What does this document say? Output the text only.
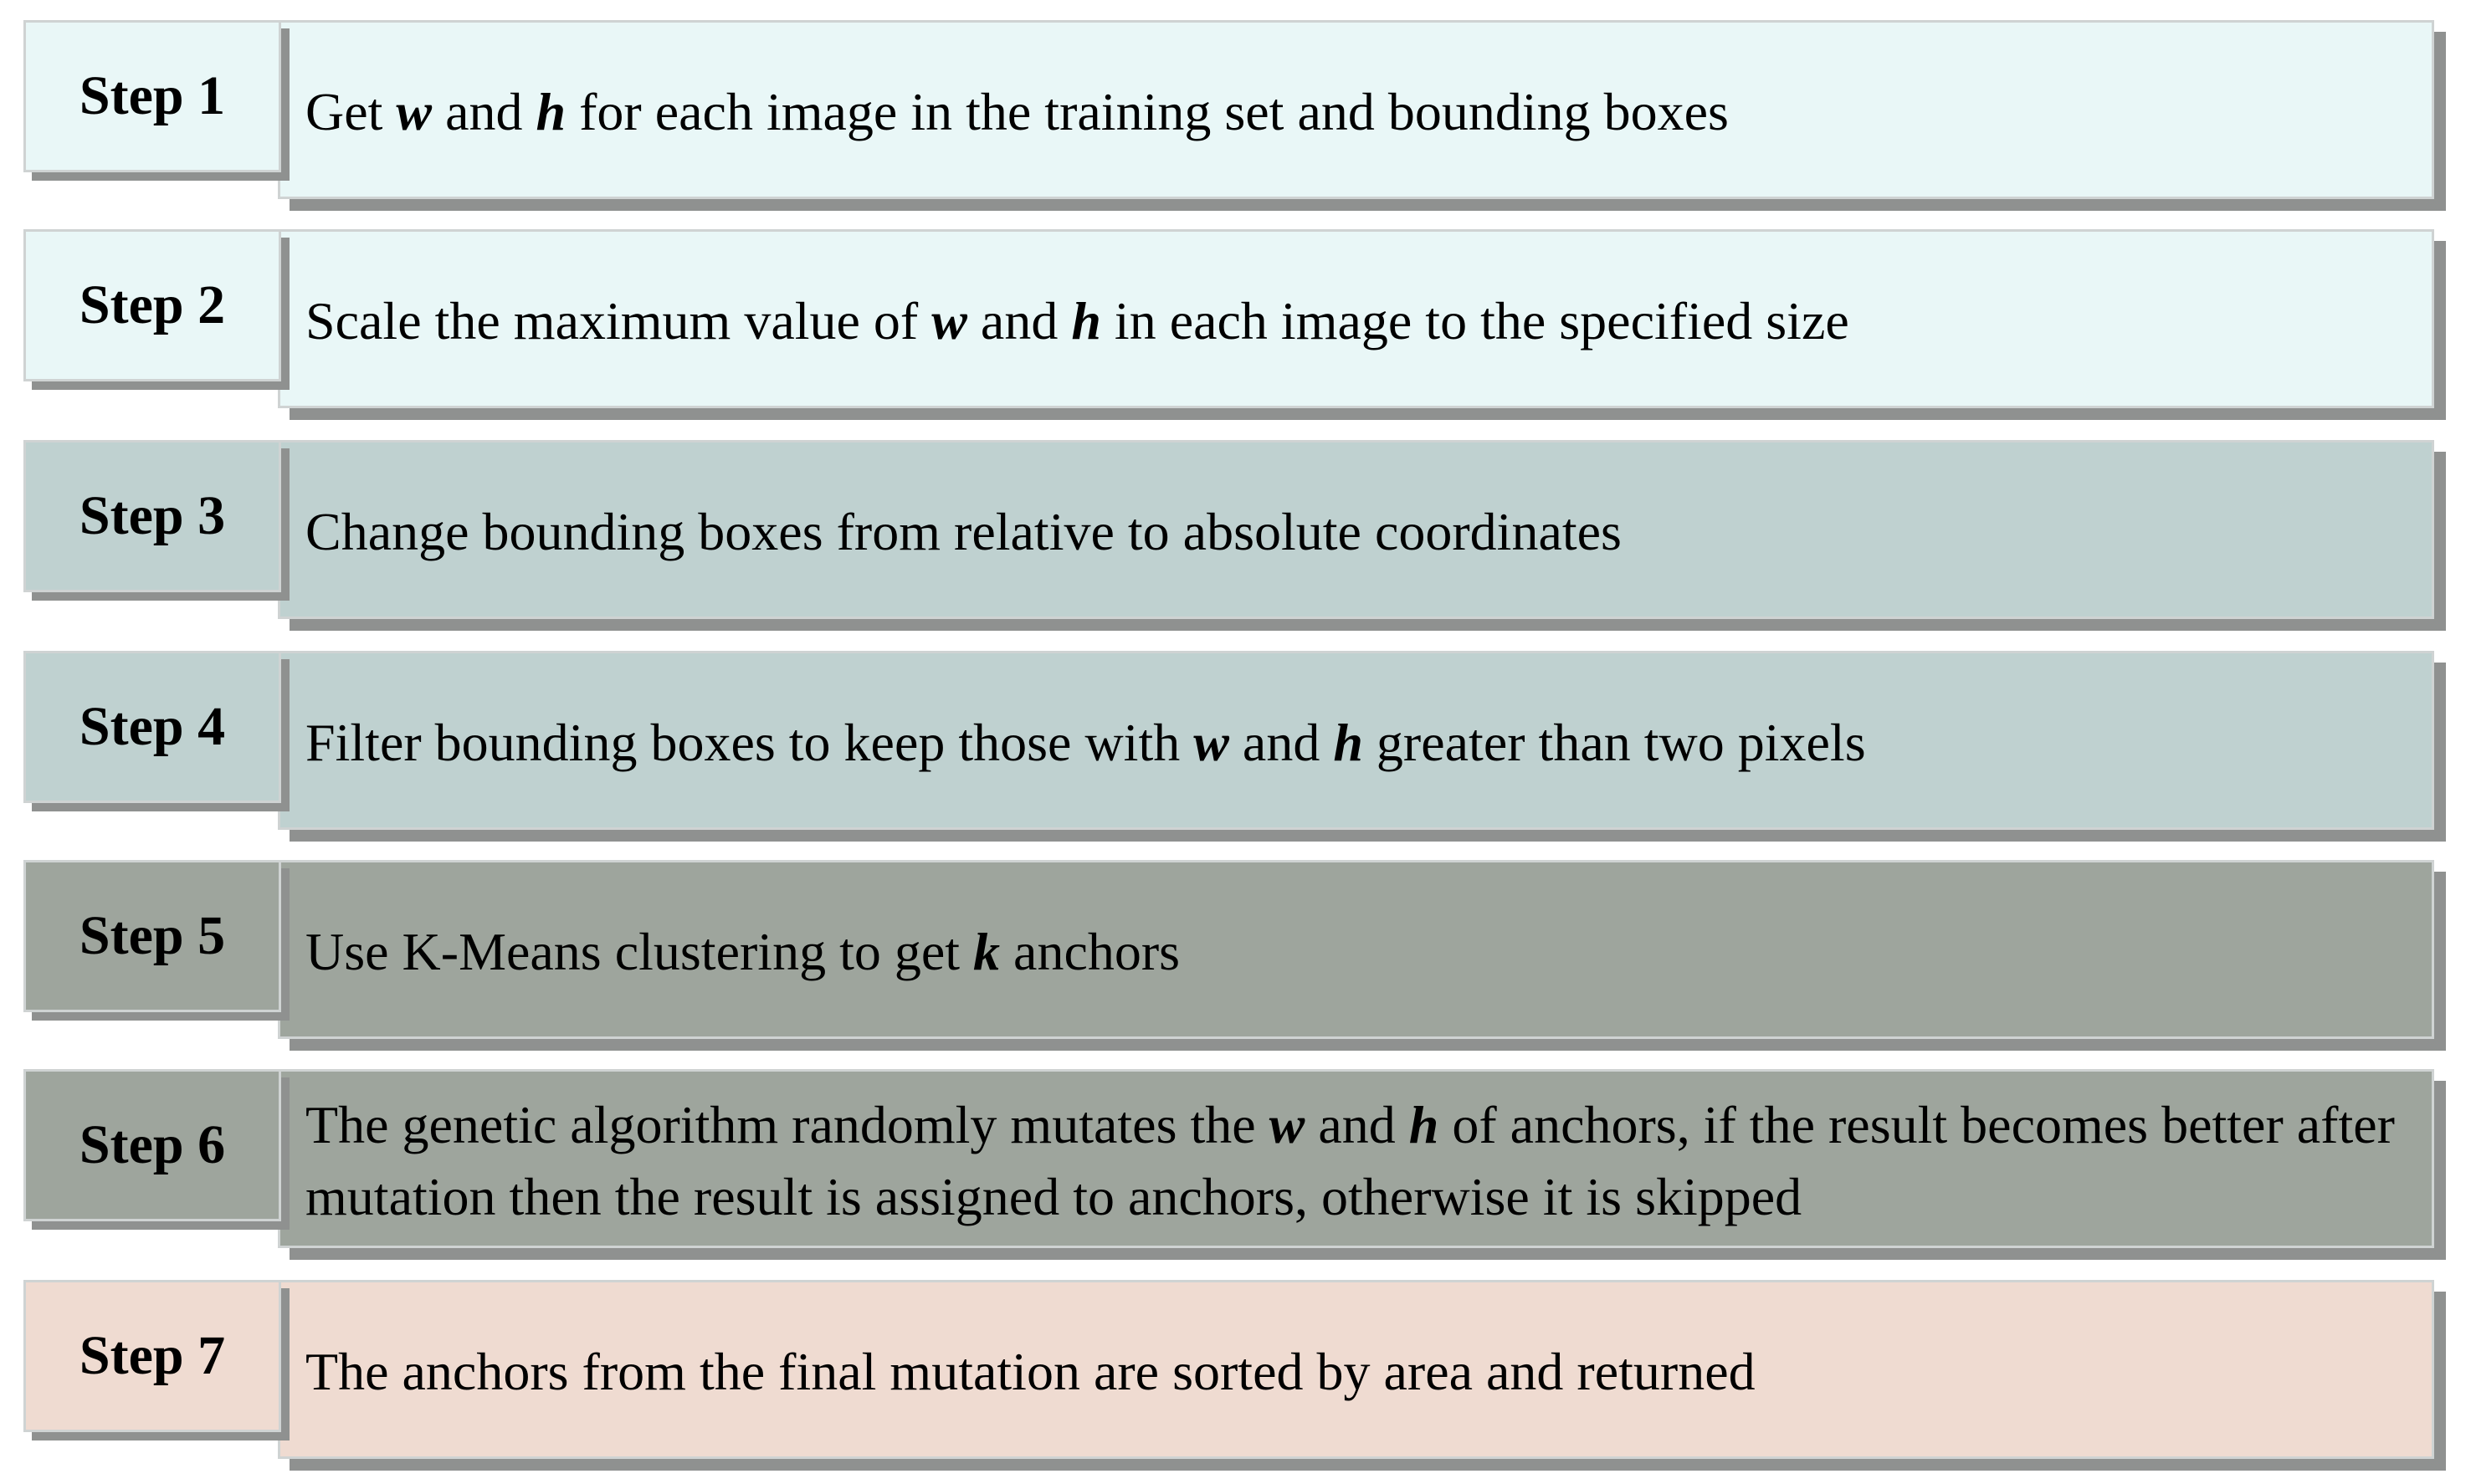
Get w and h for each image in the training set and bounding boxes
Step 1
Scale the maximum value of w and h in each image to the specified size
Step 2
Change bounding boxes from relative to absolute coordinates
Step 3
Filter bounding boxes to keep those with w and h greater than two pixels
Step 4
Use K-Means clustering to get k anchors
Step 5
The genetic algorithm randomly mutates the w and h of anchors, if the result becomes better after mutation then the result is assigned to anchors, otherwise it is skipped
Step 6
The anchors from the final mutation are sorted by area and returned
Step 7
